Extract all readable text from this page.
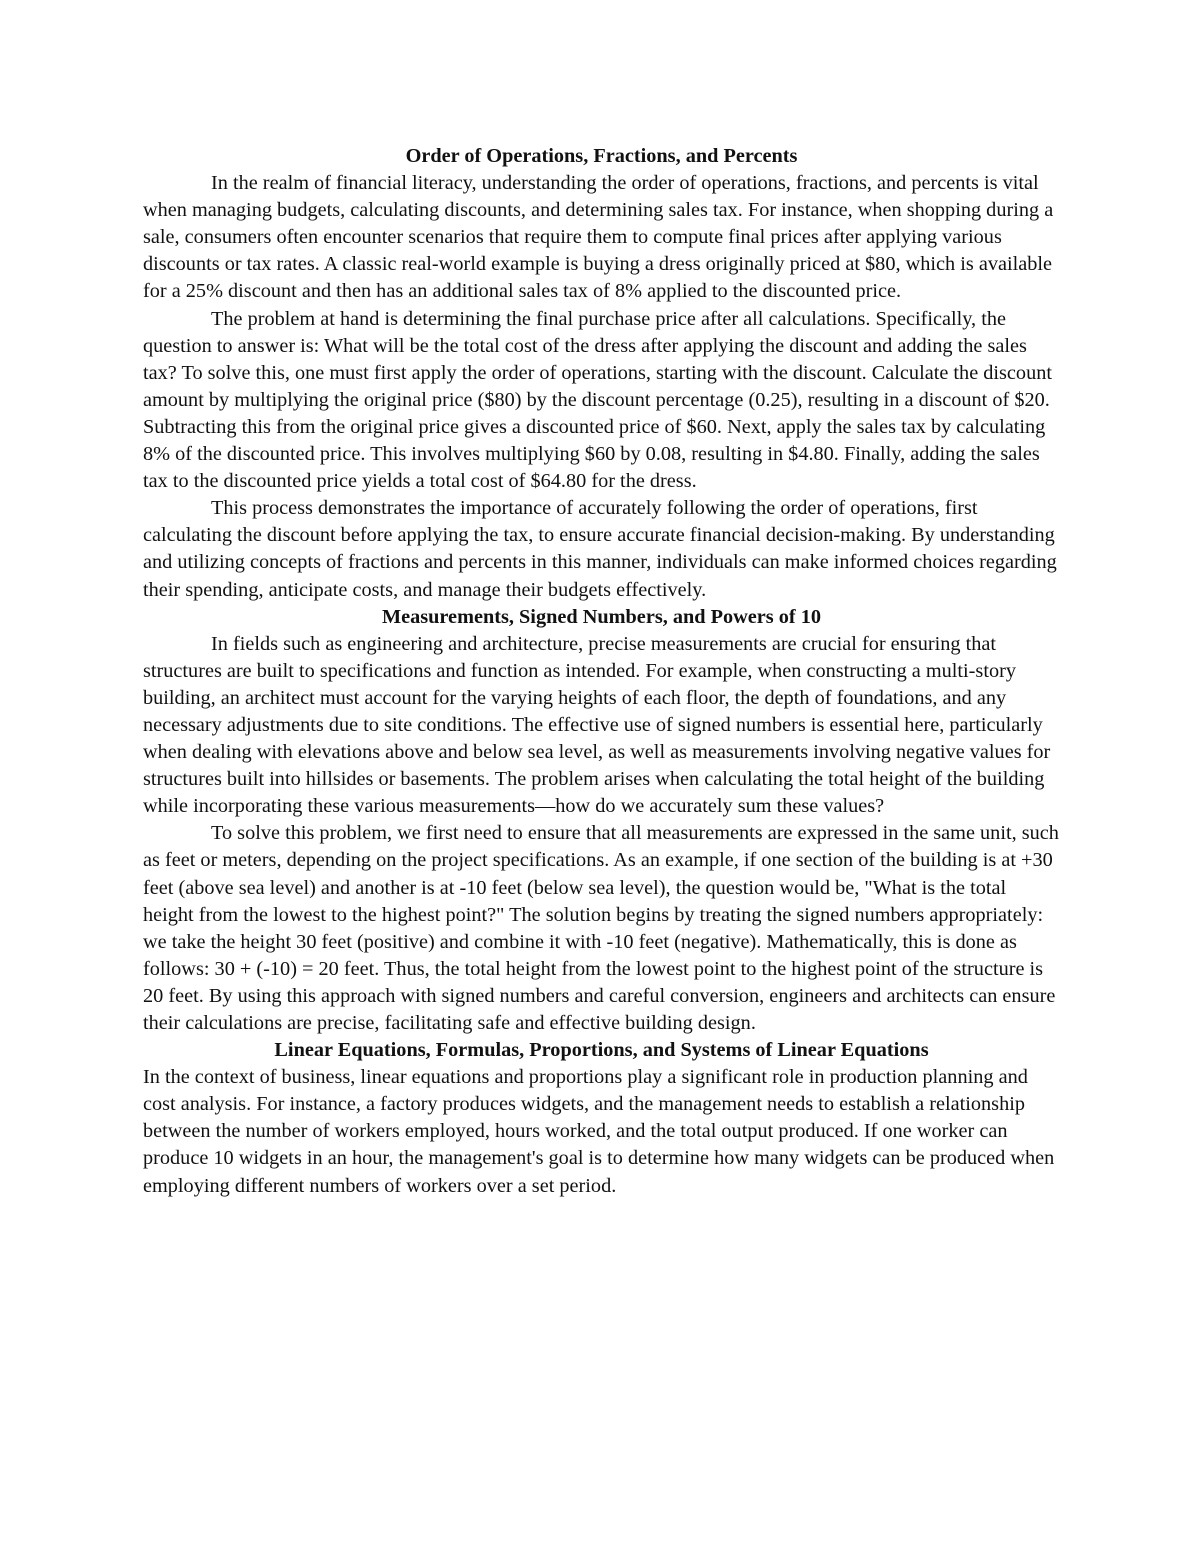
Order of Operations, Fractions, and Percents

In the realm of financial literacy, understanding the order of operations, fractions, and percents is vital when managing budgets, calculating discounts, and determining sales tax. For instance, when shopping during a sale, consumers often encounter scenarios that require them to compute final prices after applying various discounts or tax rates. A classic real-world example is buying a dress originally priced at $80, which is available for a 25% discount and then has an additional sales tax of 8% applied to the discounted price.

The problem at hand is determining the final purchase price after all calculations. Specifically, the question to answer is: What will be the total cost of the dress after applying the discount and adding the sales tax? To solve this, one must first apply the order of operations, starting with the discount. Calculate the discount amount by multiplying the original price ($80) by the discount percentage (0.25), resulting in a discount of $20. Subtracting this from the original price gives a discounted price of $60. Next, apply the sales tax by calculating 8% of the discounted price. This involves multiplying $60 by 0.08, resulting in $4.80. Finally, adding the sales tax to the discounted price yields a total cost of $64.80 for the dress.

This process demonstrates the importance of accurately following the order of operations, first calculating the discount before applying the tax, to ensure accurate financial decision-making. By understanding and utilizing concepts of fractions and percents in this manner, individuals can make informed choices regarding their spending, anticipate costs, and manage their budgets effectively.

Measurements, Signed Numbers, and Powers of 10

In fields such as engineering and architecture, precise measurements are crucial for ensuring that structures are built to specifications and function as intended. For example, when constructing a multi-story building, an architect must account for the varying heights of each floor, the depth of foundations, and any necessary adjustments due to site conditions. The effective use of signed numbers is essential here, particularly when dealing with elevations above and below sea level, as well as measurements involving negative values for structures built into hillsides or basements. The problem arises when calculating the total height of the building while incorporating these various measurements—how do we accurately sum these values?

To solve this problem, we first need to ensure that all measurements are expressed in the same unit, such as feet or meters, depending on the project specifications. As an example, if one section of the building is at +30 feet (above sea level) and another is at -10 feet (below sea level), the question would be, "What is the total height from the lowest to the highest point?" The solution begins by treating the signed numbers appropriately: we take the height 30 feet (positive) and combine it with -10 feet (negative). Mathematically, this is done as follows: 30 + (-10) = 20 feet. Thus, the total height from the lowest point to the highest point of the structure is 20 feet. By using this approach with signed numbers and careful conversion, engineers and architects can ensure their calculations are precise, facilitating safe and effective building design.

Linear Equations, Formulas, Proportions, and Systems of Linear Equations

In the context of business, linear equations and proportions play a significant role in production planning and cost analysis. For instance, a factory produces widgets, and the management needs to establish a relationship between the number of workers employed, hours worked, and the total output produced. If one worker can produce 10 widgets in an hour, the management's goal is to determine how many widgets can be produced when employing different numbers of workers over a set period.
